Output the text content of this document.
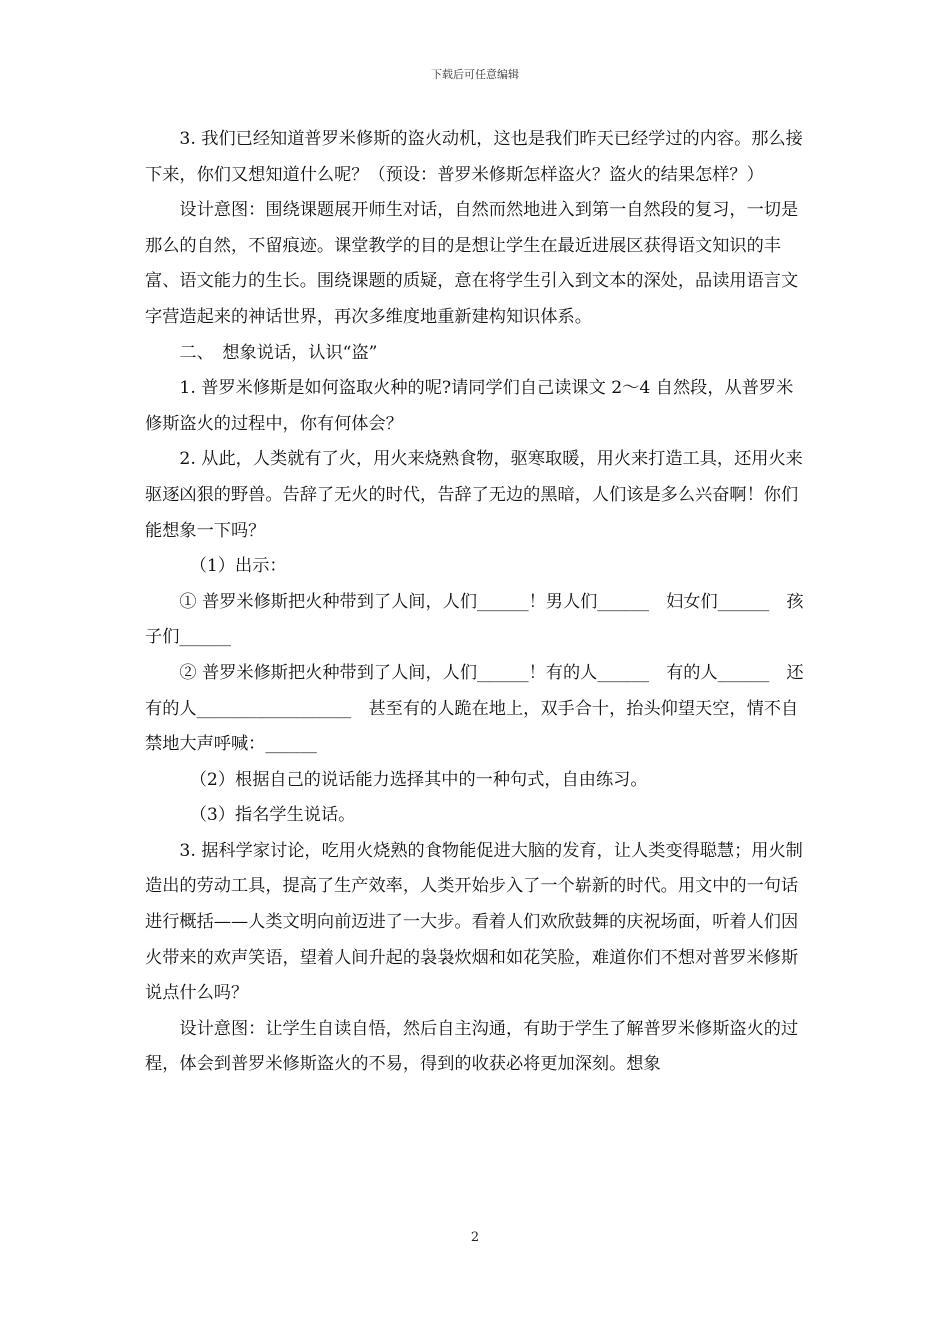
下载后可任意编辑

3. 我们已经知道普罗米修斯的盗火动机，这也是我们昨天已经学过的内容。那么接下来，你们又想知道什么呢？（预设：普罗米修斯怎样盗火？盗火的结果怎样？）

设计意图：围绕课题展开师生对话，自然而然地进入到第一自然段的复习，一切是那么的自然，不留痕迹。课堂教学的目的是想让学生在最近进展区获得语文知识的丰富、语文能力的生长。围绕课题的质疑，意在将学生引入到文本的深处，品读用语言文字营造起来的神话世界，再次多维度地重新建构知识体系。

二、　想象说话，认识“盗”

1. 普罗米修斯是如何盗取火种的呢?请同学们自己读课文 2～4 自然段，从普罗米修斯盗火的过程中，你有何体会？

2. 从此，人类就有了火，用火来烧熟食物，驱寒取暖，用火来打造工具，还用火来驱逐凶狠的野兽。告辞了无火的时代，告辞了无边的黑暗，人们该是多么兴奋啊！你们能想象一下吗？

（1）出示：

① 普罗米修斯把火种带到了人间，人们______！男人们______　妇女们______　孩子们______

② 普罗米修斯把火种带到了人间，人们______！有的人______　有的人______　还有的人__________________　甚至有的人跪在地上，双手合十，抬头仰望天空，情不自禁地大声呼喊：______

（2）根据自己的说话能力选择其中的一种句式，自由练习。

（3）指名学生说话。

3. 据科学家讨论，吃用火烧熟的食物能促进大脑的发育，让人类变得聪慧；用火制造出的劳动工具，提高了生产效率，人类开始步入了一个崭新的时代。用文中的一句话进行概括——人类文明向前迈进了一大步。看着人们欢欣鼓舞的庆祝场面，听着人们因火带来的欢声笑语，望着人间升起的袅袅炊烟和如花笑脸，难道你们不想对普罗米修斯说点什么吗？

设计意图：让学生自读自悟，然后自主沟通，有助于学生了解普罗米修斯盗火的过程，体会到普罗米修斯盗火的不易，得到的收获必将更加深刻。想象

2
